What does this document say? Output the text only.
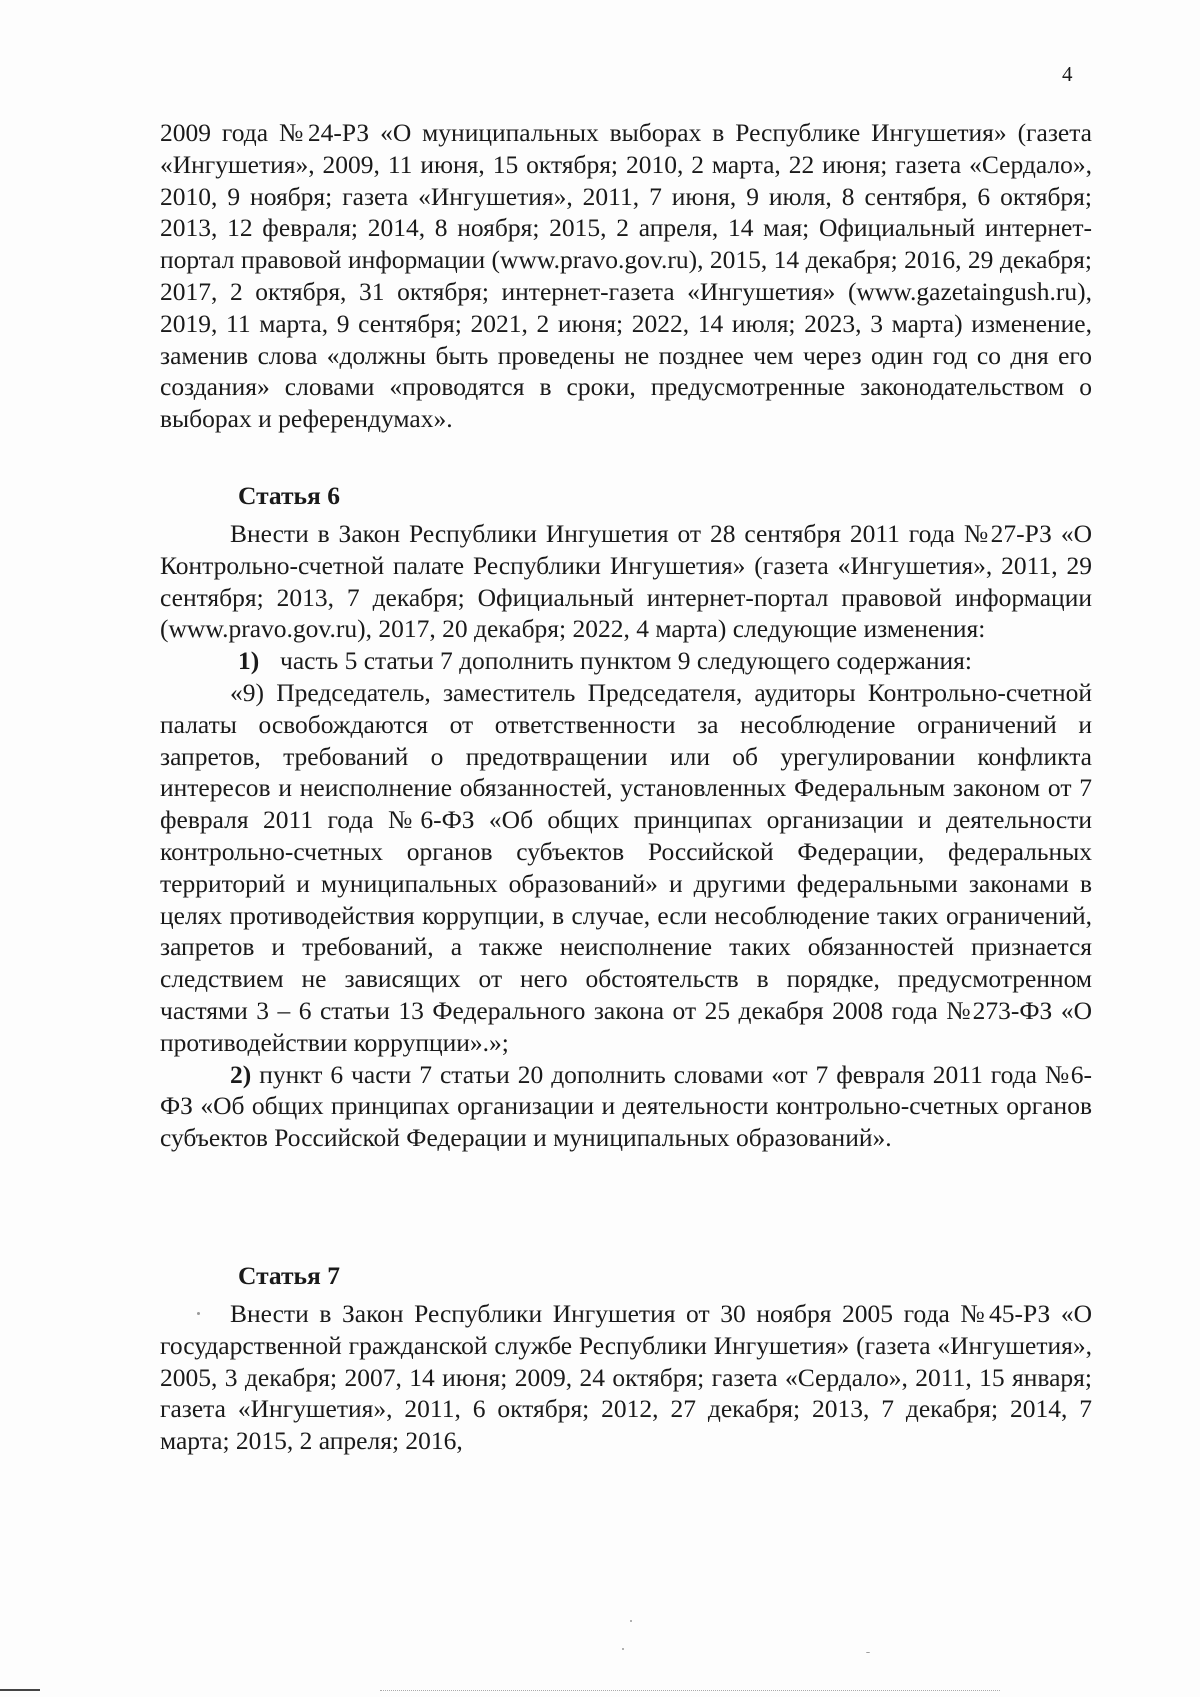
4

2009 года №24-РЗ «О муниципальных выборах в Республике Ингушетия» (газета «Ингушетия», 2009, 11 июня, 15 октября; 2010, 2 марта, 22 июня; газета «Сердало», 2010, 9 ноября; газета «Ингушетия», 2011, 7 июня, 9 июля, 8 сентября, 6 октября; 2013, 12 февраля; 2014, 8 ноября; 2015, 2 апреля, 14 мая; Официальный интернет-портал правовой информации (www.pravo.gov.ru), 2015, 14 декабря; 2016, 29 декабря; 2017, 2 октября, 31 октября; интернет-газета «Ингушетия» (www.gazetaingush.ru), 2019, 11 марта, 9 сентября; 2021, 2 июня; 2022, 14 июля; 2023, 3 марта) изменение, заменив слова «должны быть проведены не позднее чем через один год со дня его создания» словами «проводятся в сроки, предусмотренные законодательством о выборах и референдумах».

Статья 6

Внести в Закон Республики Ингушетия от 28 сентября 2011 года №27-РЗ «О Контрольно-счетной палате Республики Ингушетия» (газета «Ингушетия», 2011, 29 сентября; 2013, 7 декабря; Официальный интернет-портал правовой информации (www.pravo.gov.ru), 2017, 20 декабря; 2022, 4 марта) следующие изменения:

1) часть 5 статьи 7 дополнить пунктом 9 следующего содержания:

«9) Председатель, заместитель Председателя, аудиторы Контрольно-счетной палаты освобождаются от ответственности за несоблюдение ограничений и запретов, требований о предотвращении или об урегулировании конфликта интересов и неисполнение обязанностей, установленных Федеральным законом от 7 февраля 2011 года №6-ФЗ «Об общих принципах организации и деятельности контрольно-счетных органов субъектов Российской Федерации, федеральных территорий и муниципальных образований» и другими федеральными законами в целях противодействия коррупции, в случае, если несоблюдение таких ограничений, запретов и требований, а также неисполнение таких обязанностей признается следствием не зависящих от него обстоятельств в порядке, предусмотренном частями 3 – 6 статьи 13 Федерального закона от 25 декабря 2008 года №273-ФЗ «О противодействии коррупции».»;

2) пункт 6 части 7 статьи 20 дополнить словами «от 7 февраля 2011 года №6-ФЗ «Об общих принципах организации и деятельности контрольно-счетных органов субъектов Российской Федерации и муниципальных образований».

Статья 7

Внести в Закон Республики Ингушетия от 30 ноября 2005 года №45-РЗ «О государственной гражданской службе Республики Ингушетия» (газета «Ингушетия», 2005, 3 декабря; 2007, 14 июня; 2009, 24 октября; газета «Сердало», 2011, 15 января; газета «Ингушетия», 2011, 6 октября; 2012, 27 декабря; 2013, 7 декабря; 2014, 7 марта; 2015, 2 апреля; 2016,
